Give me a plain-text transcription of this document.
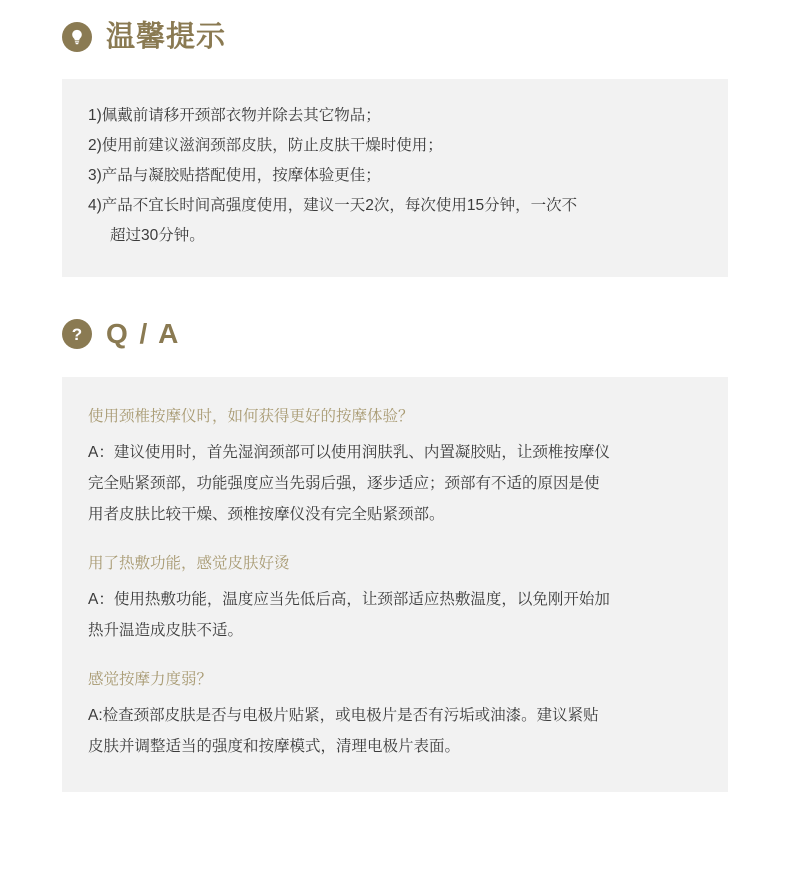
温馨提示
1)佩戴前请移开颈部衣物并除去其它物品；
2)使用前建议滋润颈部皮肤，防止皮肤干燥时使用；
3)产品与凝胶贴搭配使用，按摩体验更佳；
4)产品不宜长时间高强度使用，建议一天2次，每次使用15分钟，一次不
超过30分钟。
? Q / A
使用颈椎按摩仪时，如何获得更好的按摩体验？
A：建议使用时，首先湿润颈部可以使用润肤乳、内置凝胶贴，让颈椎按摩仪
完全贴紧颈部，功能强度应当先弱后强，逐步适应；颈部有不适的原因是使
用者皮肤比较干燥、颈椎按摩仪没有完全贴紧颈部。
用了热敷功能，感觉皮肤好烫
A：使用热敷功能，温度应当先低后高，让颈部适应热敷温度，以免刚开始加
热升温造成皮肤不适。
感觉按摩力度弱？
A:检查颈部皮肤是否与电极片贴紧，或电极片是否有污垢或油漆。建议紧贴
皮肤并调整适当的强度和按摩模式，清理电极片表面。
